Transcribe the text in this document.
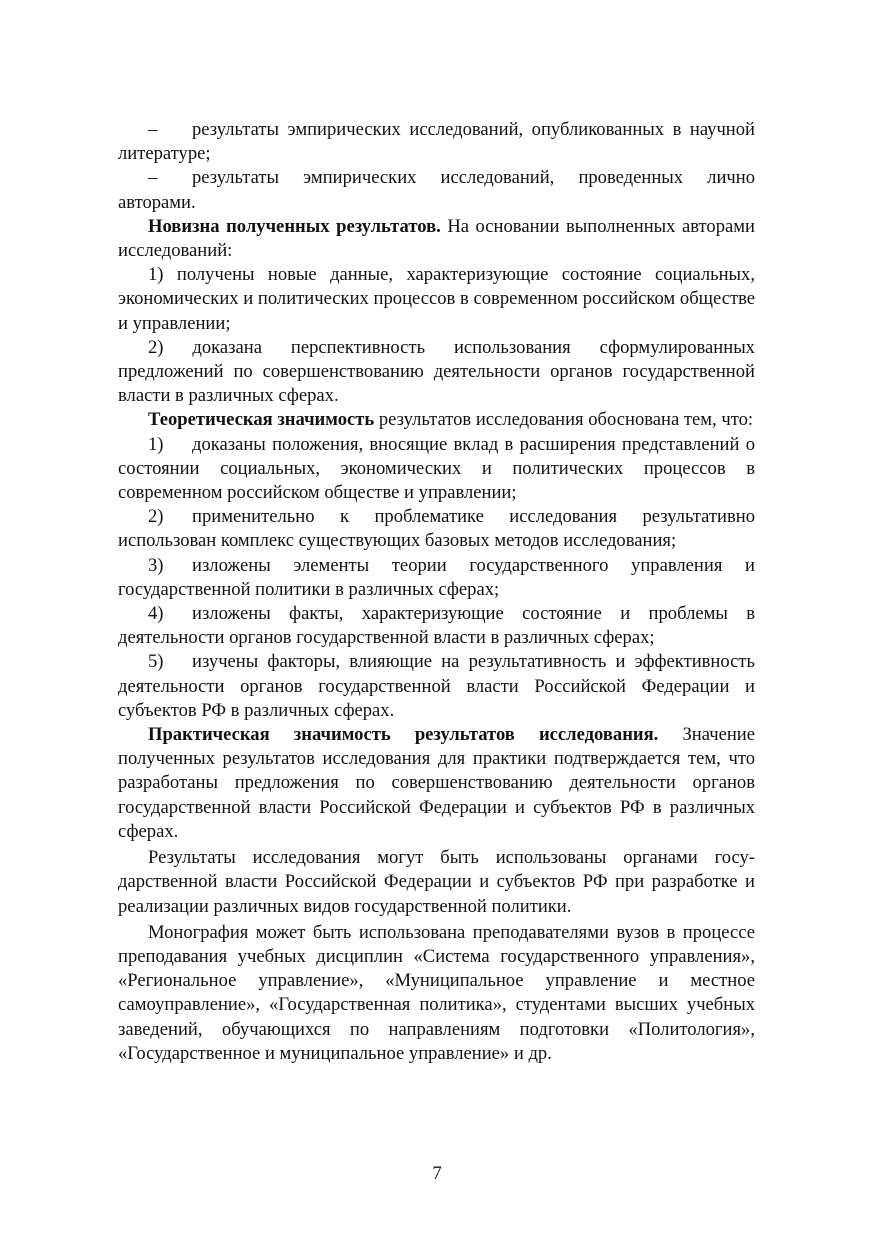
– результаты эмпирических исследований, опубликованных в научной литературе;

– результаты эмпирических исследований, проведенных лично авторами.

Новизна полученных результатов. На основании выполненных авторами исследований:

1) получены новые данные, характеризующие состояние социальных, экономических и политических процессов в современном российском обществе и управлении;

2) доказана перспективность использования сформулированных предложений по совершенствованию деятельности органов государственной власти в различных сферах.

Теоретическая значимость результатов исследования обоснована тем, что:

1) доказаны положения, вносящие вклад в расширения представлений о состоянии социальных, экономических и политических процессов в современном российском обществе и управлении;

2) применительно к проблематике исследования результативно использован комплекс существующих базовых методов исследования;

3) изложены элементы теории государственного управления и государственной политики в различных сферах;

4) изложены факты, характеризующие состояние и проблемы в деятельности органов государственной власти в различных сферах;

5) изучены факторы, влияющие на результативность и эффективность деятельности органов государственной власти Российской Федерации и субъектов РФ в различных сферах.

Практическая значимость результатов исследования. Значение полученных результатов исследования для практики подтверждается тем, что разработаны предложения по совершенствованию деятельности органов государственной власти Российской Федерации и субъектов РФ в различных сферах.

Результаты исследования могут быть использованы органами государственной власти Российской Федерации и субъектов РФ при разработке и реализации различных видов государственной политики.

Монография может быть использована преподавателями вузов в процессе преподавания учебных дисциплин «Система государственного управления», «Региональное управление», «Муниципальное управление и местное самоуправление», «Государственная политика», студентами высших учебных заведений, обучающихся по направлениям подготовки «Политология», «Государственное и муниципальное управление» и др.

7
